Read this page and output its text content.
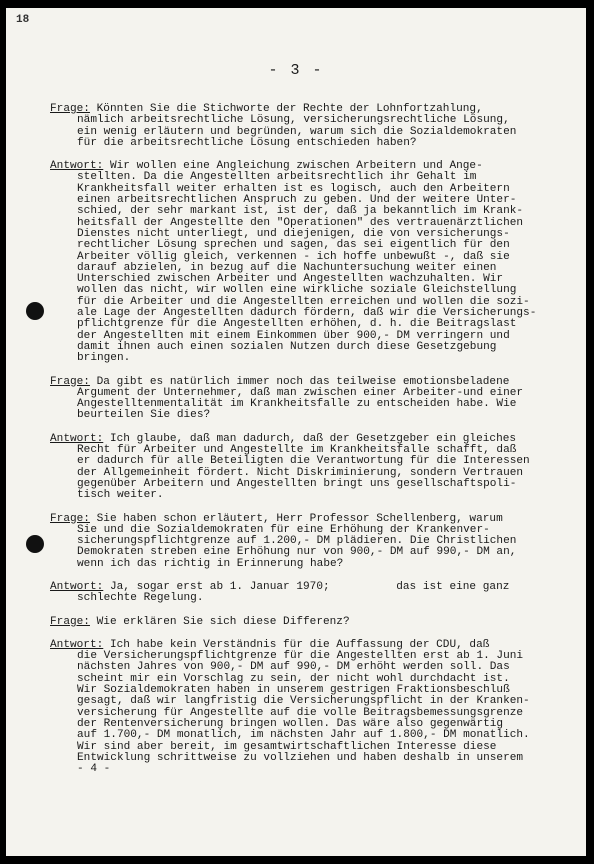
18
- 3 -
Frage: Könnten Sie die Stichworte der Rechte der Lohnfortzahlung,
nämlich arbeitsrechtliche Lösung, versicherungsrechtliche Lösung,
ein wenig erläutern und begründen, warum sich die Sozialdemokraten
für die arbeitsrechtliche Lösung entschieden haben?
Antwort: Wir wollen eine Angleichung zwischen Arbeitern und Ange-
stellten. Da die Angestellten arbeitsrechtlich ihr Gehalt im
Krankheitsfall weiter erhalten ist es logisch, auch den Arbeitern
einen arbeitsrechtlichen Anspruch zu geben. Und der weitere Unter-
schied, der sehr markant ist, ist der, daß ja bekanntlich im Krank-
heitsfall der Angestellte den "Operationen" des vertrauenärztlichen
Dienstes nicht unterliegt, und diejenigen, die von versicherungs-
rechtlicher Lösung sprechen und sagen, das sei eigentlich für den
Arbeiter völlig gleich, verkennen - ich hoffe unbewußt -, daß sie
darauf abzielen, in bezug auf die Nachuntersuchung weiter einen
Unterschied zwischen Arbeiter und Angestellten wachzuhalten. Wir
wollen das nicht, wir wollen eine wirkliche soziale Gleichstellung
für die Arbeiter und die Angestellten erreichen und wollen die sozi-
ale Lage der Angestellten dadurch fördern, daß wir die Versicherungs-
pflichtgrenze für die Angestellten erhöhen, d. h. die Beitragslast
der Angestellten mit einem Einkommen über 900,- DM verringern und
damit ihnen auch einen sozialen Nutzen durch diese Gesetzgebung
bringen.
Frage: Da gibt es natürlich immer noch das teilweise emotionsbeladene
Argument der Unternehmer, daß man zwischen einer Arbeiter-und einer
Angestelltenmentalität im Krankheitsfalle zu entscheiden habe. Wie
beurteilen Sie dies?
Antwort: Ich glaube, daß man dadurch, daß der Gesetzgeber ein gleiches
Recht für Arbeiter und Angestellte im Krankheitsfalle schafft, daß
er dadurch für alle Beteiligten die Verantwortung für die Interessen
der Allgemeinheit fördert. Nicht Diskriminierung, sondern Vertrauen
gegenüber Arbeitern und Angestellten bringt uns gesellschaftspoli-
tisch weiter.
Frage: Sie haben schon erläutert, Herr Professor Schellenberg, warum
Sie und die Sozialdemokraten für eine Erhöhung der Krankenver-
sicherungspflichtgrenze auf 1.200,- DM plädieren. Die Christlichen
Demokraten streben eine Erhöhung nur von 900,- DM auf 990,- DM an,
wenn ich das richtig in Erinnerung habe?
Antwort: Ja, sogar erst ab 1. Januar 1970;          das ist eine ganz
schlechte Regelung.
Frage: Wie erklären Sie sich diese Differenz?
Antwort: Ich habe kein Verständnis für die Auffassung der CDU, daß
die Versicherungspflichtgrenze für die Angestellten erst ab 1. Juni
nächsten Jahres von 900,- DM auf 990,- DM erhöht werden soll. Das
scheint mir ein Vorschlag zu sein, der nicht wohl durchdacht ist.
Wir Sozialdemokraten haben in unserem gestrigen Fraktionsbeschluß
gesagt, daß wir langfristig die Versicherungspflicht in der Kranken-
versicherung für Angestellte auf die volle Beitragsbemessungsgrenze
der Rentenversicherung bringen wollen. Das wäre also gegenwärtig
auf 1.700,- DM monatlich, im nächsten Jahr auf 1.800,- DM monatlich.
Wir sind aber bereit, im gesamtwirtschaftlichen Interesse diese
Entwicklung schrittweise zu vollziehen und haben deshalb in unserem
- 4 -
